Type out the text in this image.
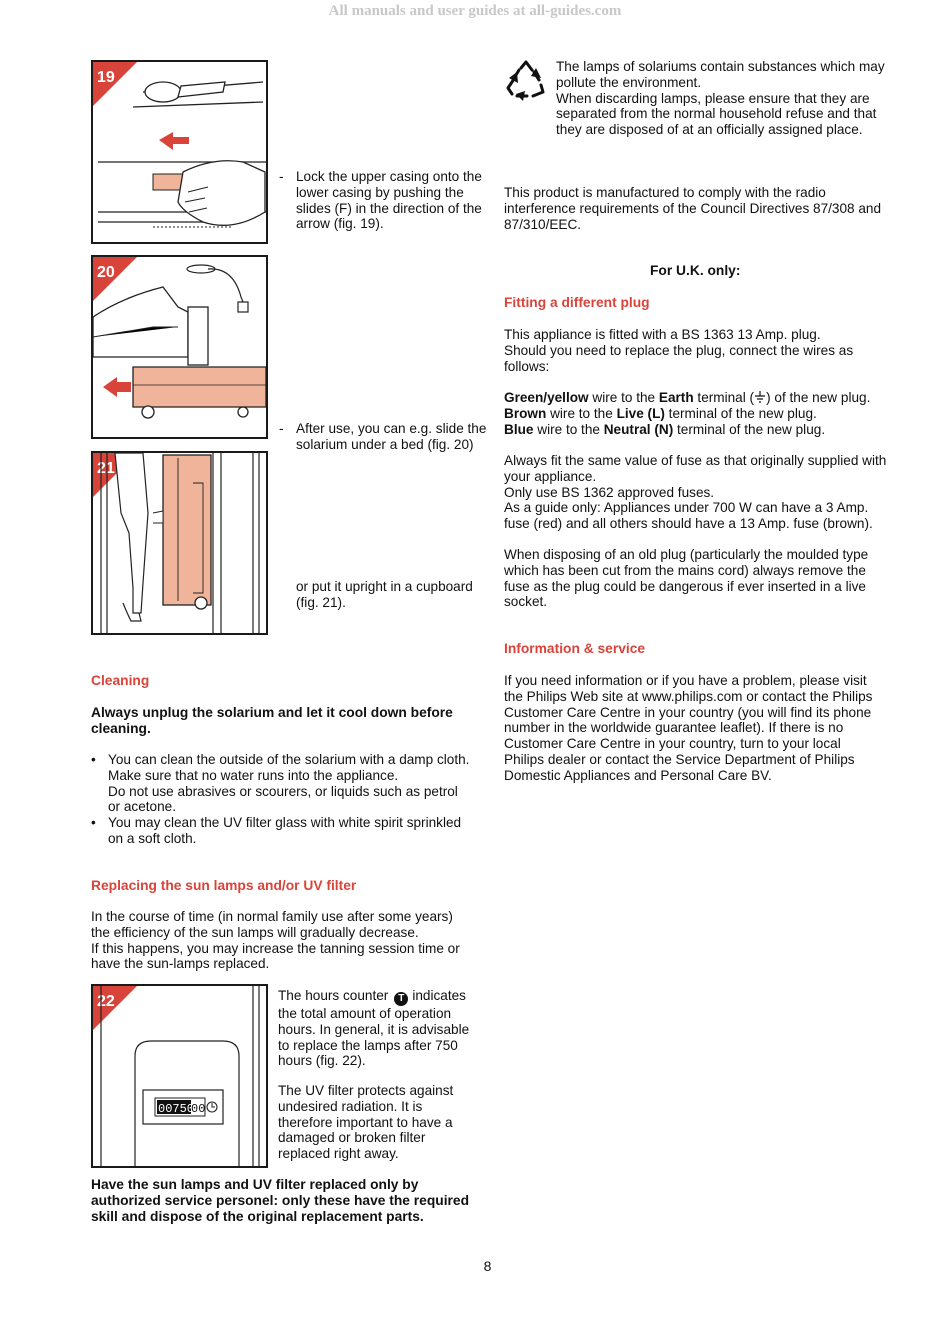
All manuals and user guides at all-guides.com
19
- Lock the upper casing onto the lower casing by pushing the slides (F) in the direction of the arrow (fig. 19).
20
- After use, you can e.g. slide the solarium under a bed (fig. 20)
21
or put it upright in a cupboard (fig. 21).
Cleaning
Always unplug the solarium and let it cool down before cleaning.
• You can clean the outside of the solarium with a damp cloth. Make sure that no water runs into the appliance.
Do not use abrasives or scourers, or liquids such as petrol or acetone.
• You may clean the UV filter glass with white spirit sprinkled on a soft cloth.
Replacing the sun lamps and/or UV filter
In the course of time (in normal family use after some years) the efficiency of the sun lamps will gradually decrease.
If this happens, you may increase the tanning session time or have the sun-lamps replaced.
22
00750
00
The hours counter T indicates the total amount of operation hours. In general, it is advisable to replace the lamps after 750 hours (fig. 22).
The UV filter protects against undesired radiation. It is therefore important to have a damaged or broken filter replaced right away.
Have the sun lamps and UV filter replaced only by authorized service personel: only these have the required skill and dispose of the original replacement parts.
The lamps of solariums contain substances which may pollute the environment.
When discarding lamps, please ensure that they are separated from the normal household refuse and that they are disposed of at an officially assigned place.
This product is manufactured to comply with the radio interference requirements of the Council Directives 87/308 and 87/310/EEC.
For U.K. only:
Fitting a different plug
This appliance is fitted with a BS 1363 13 Amp. plug.
Should you need to replace the plug, connect the wires as follows:
Green/yellow wire to the Earth terminal ( ) of the new plug.
Brown wire to the Live (L) terminal of the new plug.
Blue wire to the Neutral (N) terminal of the new plug.
Always fit the same value of fuse as that originally supplied with your appliance.
Only use BS 1362 approved fuses.
As a guide only: Appliances under 700 W can have a 3 Amp. fuse (red) and all others should have a 13 Amp. fuse (brown).
When disposing of an old plug (particularly the moulded type which has been cut from the mains cord) always remove the fuse as the plug could be dangerous if ever inserted in a live socket.
Information & service
If you need information or if you have a problem, please visit the Philips Web site at www.philips.com or contact the Philips Customer Care Centre in your country (you will find its phone number in the worldwide guarantee leaflet). If there is no Customer Care Centre in your country, turn to your local Philips dealer or contact the Service Department of Philips Domestic Appliances and Personal Care BV.
8
